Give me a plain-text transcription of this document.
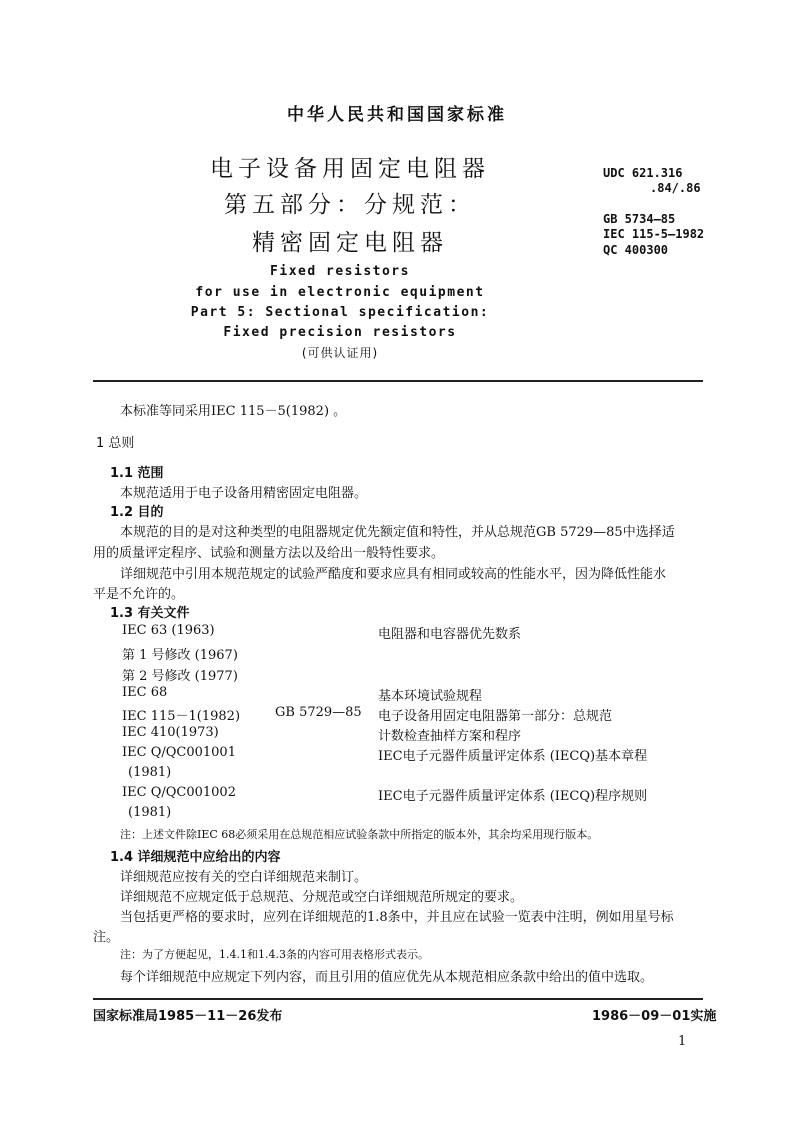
中华人民共和国国家标准
电子设备用固定电阻器
第五部分：分规范：
精密固定电阻器
UDC 621.316
.84/.86
GB 5734—85
IEC 115-5—1982
QC 400300
Fixed resistors
for use in electronic equipment
Part 5: Sectional specification:
Fixed precision resistors
(可供认证用)
本标准等同采用IEC 115－5(1982) 。
1 总则
1.1 范围
本规范适用于电子设备用精密固定电阻器。
1.2 目的
本规范的目的是对这种类型的电阻器规定优先额定值和特性，并从总规范GB 5729—85中选择适
用的质量评定程序、试验和测量方法以及给出一般特性要求。
详细规范中引用本规范规定的试验严酷度和要求应具有相同或较高的性能水平，因为降低性能水
平是不允许的。
1.3 有关文件
IEC 63 (1963)	电阻器和电容器优先数系
第 1 号修改 (1967)
第 2 号修改 (1977)
IEC 68	基本环境试验规程
IEC 115－1(1982)	GB 5729—85 电子设备用固定电阻器第一部分：总规范
IEC 410(1973)	计数检查抽样方案和程序
IEC Q/QC001001	IEC电子元器件质量评定体系 (IECQ)基本章程
(1981)
IEC Q/QC001002	IEC电子元器件质量评定体系 (IECQ)程序规则
(1981)
注：上述文件除IEC 68必须采用在总规范相应试验条款中所指定的版本外，其余均采用现行版本。
1.4 详细规范中应给出的内容
详细规范应按有关的空白详细规范来制订。
详细规范不应规定低于总规范、分规范或空白详细规范所规定的要求。
当包括更严格的要求时，应列在详细规范的1.8条中，并且应在试验一览表中注明，例如用星号标
注。
注：为了方便起见，1.4.1和1.4.3条的内容可用表格形式表示。
每个详细规范中应规定下列内容，而且引用的值应优先从本规范相应条款中给出的值中选取。
国家标准局1985－11－26发布	1986－09－01实施
1
